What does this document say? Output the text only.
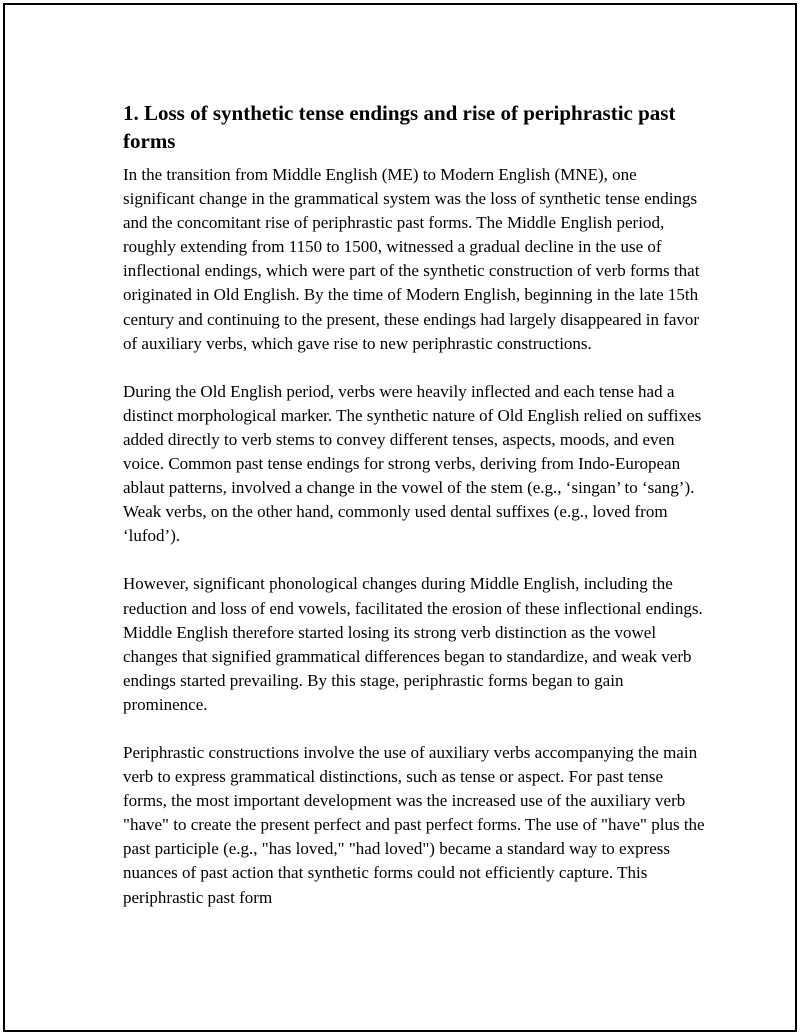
1. Loss of synthetic tense endings and rise of periphrastic past forms

In the transition from Middle English (ME) to Modern English (MNE), one significant change in the grammatical system was the loss of synthetic tense endings and the concomitant rise of periphrastic past forms. The Middle English period, roughly extending from 1150 to 1500, witnessed a gradual decline in the use of inflectional endings, which were part of the synthetic construction of verb forms that originated in Old English. By the time of Modern English, beginning in the late 15th century and continuing to the present, these endings had largely disappeared in favor of auxiliary verbs, which gave rise to new periphrastic constructions.

During the Old English period, verbs were heavily inflected and each tense had a distinct morphological marker. The synthetic nature of Old English relied on suffixes added directly to verb stems to convey different tenses, aspects, moods, and even voice. Common past tense endings for strong verbs, deriving from Indo-European ablaut patterns, involved a change in the vowel of the stem (e.g., ‘singan’ to ‘sang’). Weak verbs, on the other hand, commonly used dental suffixes (e.g., loved from ‘lufod’).

However, significant phonological changes during Middle English, including the reduction and loss of end vowels, facilitated the erosion of these inflectional endings. Middle English therefore started losing its strong verb distinction as the vowel changes that signified grammatical differences began to standardize, and weak verb endings started prevailing. By this stage, periphrastic forms began to gain prominence.

Periphrastic constructions involve the use of auxiliary verbs accompanying the main verb to express grammatical distinctions, such as tense or aspect. For past tense forms, the most important development was the increased use of the auxiliary verb "have" to create the present perfect and past perfect forms. The use of "have" plus the past participle (e.g., "has loved," "had loved") became a standard way to express nuances of past action that synthetic forms could not efficiently capture. This periphrastic past form
